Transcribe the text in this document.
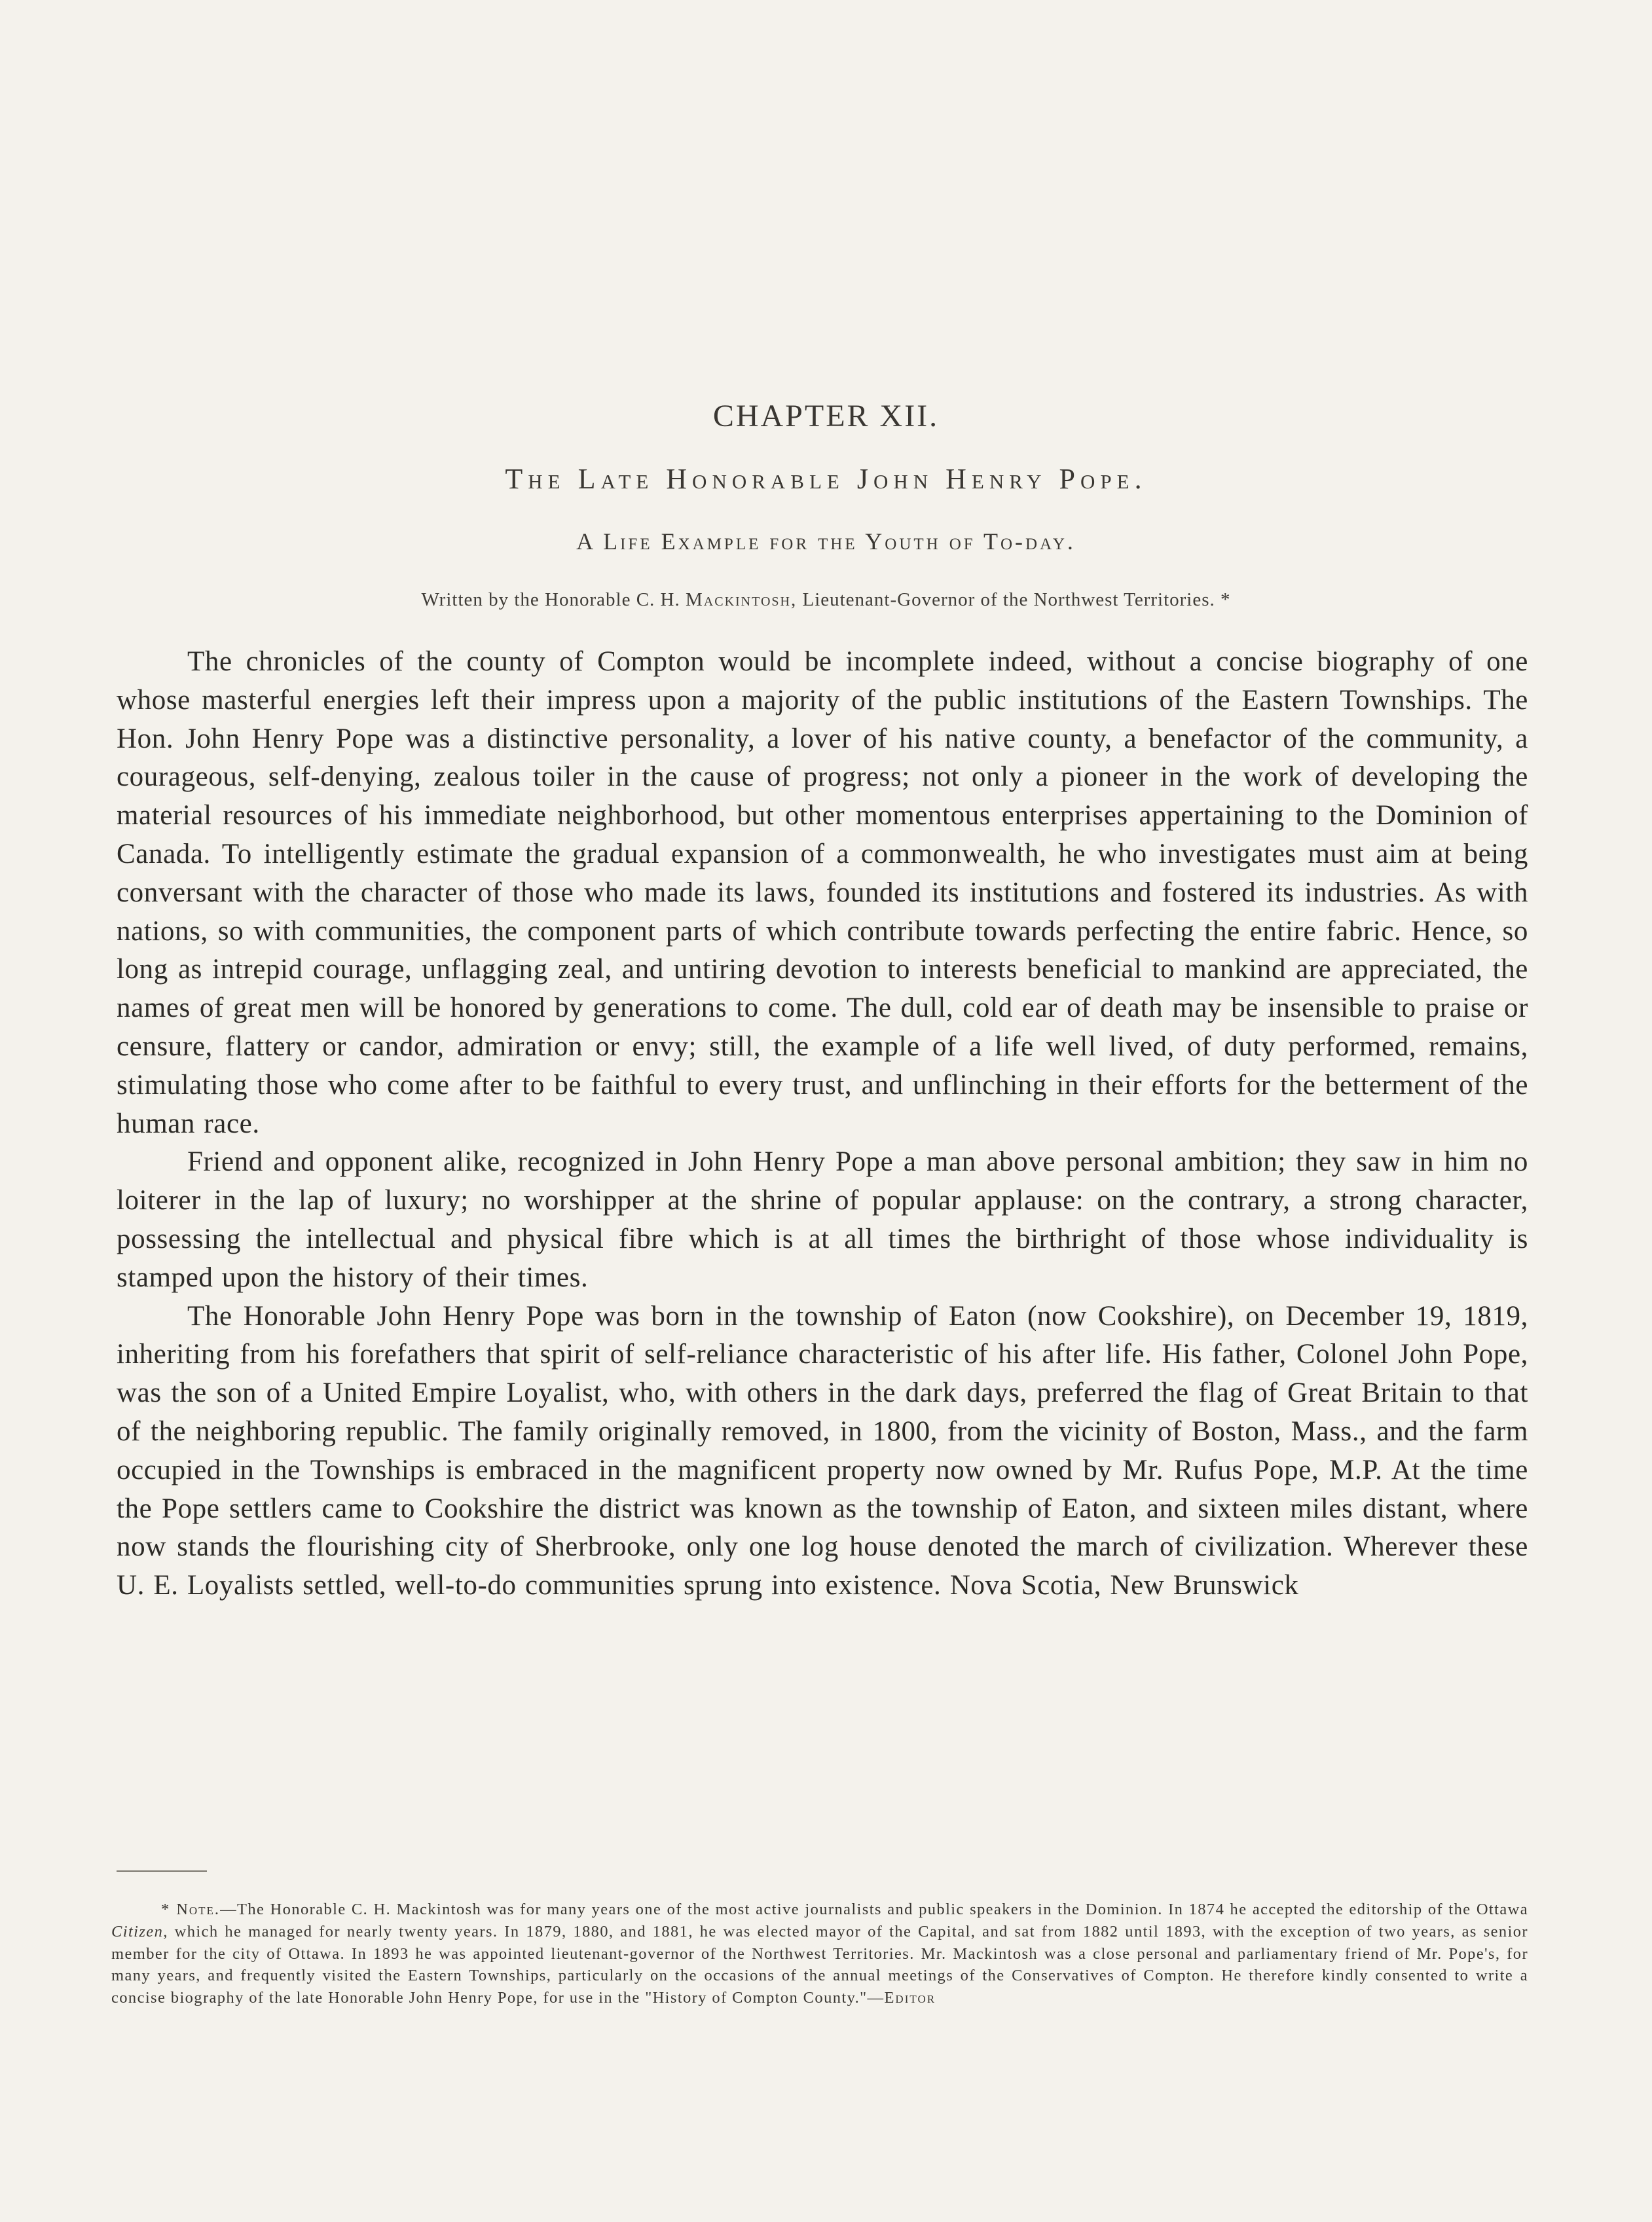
CHAPTER XII.
The Late Honorable John Henry Pope.
A Life Example for the Youth of To-day.
Written by the Honorable C. H. Mackintosh, Lieutenant-Governor of the Northwest Territories. *

The chronicles of the county of Compton would be incomplete indeed, without a concise biography of one whose masterful energies left their impress upon a majority of the public institutions of the Eastern Townships. The Hon. John Henry Pope was a distinctive personality, a lover of his native county, a benefactor of the community, a courageous, self-denying, zealous toiler in the cause of progress; not only a pioneer in the work of developing the material resources of his immediate neighborhood, but other momentous enterprises appertaining to the Dominion of Canada. To intelligently estimate the gradual expansion of a commonwealth, he who investigates must aim at being conversant with the character of those who made its laws, founded its institutions and fostered its industries. As with nations, so with communities, the component parts of which contribute towards perfecting the entire fabric. Hence, so long as intrepid courage, unflagging zeal, and untiring devotion to interests beneficial to mankind are appreciated, the names of great men will be honored by generations to come. The dull, cold ear of death may be insensible to praise or censure, flattery or candor, admiration or envy; still, the example of a life well lived, of duty performed, remains, stimulating those who come after to be faithful to every trust, and unflinching in their efforts for the betterment of the human race.

Friend and opponent alike, recognized in John Henry Pope a man above personal ambition; they saw in him no loiterer in the lap of luxury; no worshipper at the shrine of popular applause: on the contrary, a strong character, possessing the intellectual and physical fibre which is at all times the birthright of those whose individuality is stamped upon the history of their times.

The Honorable John Henry Pope was born in the township of Eaton (now Cookshire), on December 19, 1819, inheriting from his forefathers that spirit of self-reliance characteristic of his after life. His father, Colonel John Pope, was the son of a United Empire Loyalist, who, with others in the dark days, preferred the flag of Great Britain to that of the neighboring republic. The family originally removed, in 1800, from the vicinity of Boston, Mass., and the farm occupied in the Townships is embraced in the magnificent property now owned by Mr. Rufus Pope, M.P. At the time the Pope settlers came to Cookshire the district was known as the township of Eaton, and sixteen miles distant, where now stands the flourishing city of Sherbrooke, only one log house denoted the march of civilization. Wherever these U. E. Loyalists settled, well-to-do communities sprung into existence. Nova Scotia, New Brunswick

* Note.—The Honorable C. H. Mackintosh was for many years one of the most active journalists and public speakers in the Dominion. In 1874 he accepted the editorship of the Ottawa Citizen, which he managed for nearly twenty years. In 1879, 1880, and 1881, he was elected mayor of the Capital, and sat from 1882 until 1893, with the exception of two years, as senior member for the city of Ottawa. In 1893 he was appointed lieutenant-governor of the Northwest Territories. Mr. Mackintosh was a close personal and parliamentary friend of Mr. Pope's, for many years, and frequently visited the Eastern Townships, particularly on the occasions of the annual meetings of the Conservatives of Compton. He therefore kindly consented to write a concise biography of the late Honorable John Henry Pope, for use in the "History of Compton County."—Editor
